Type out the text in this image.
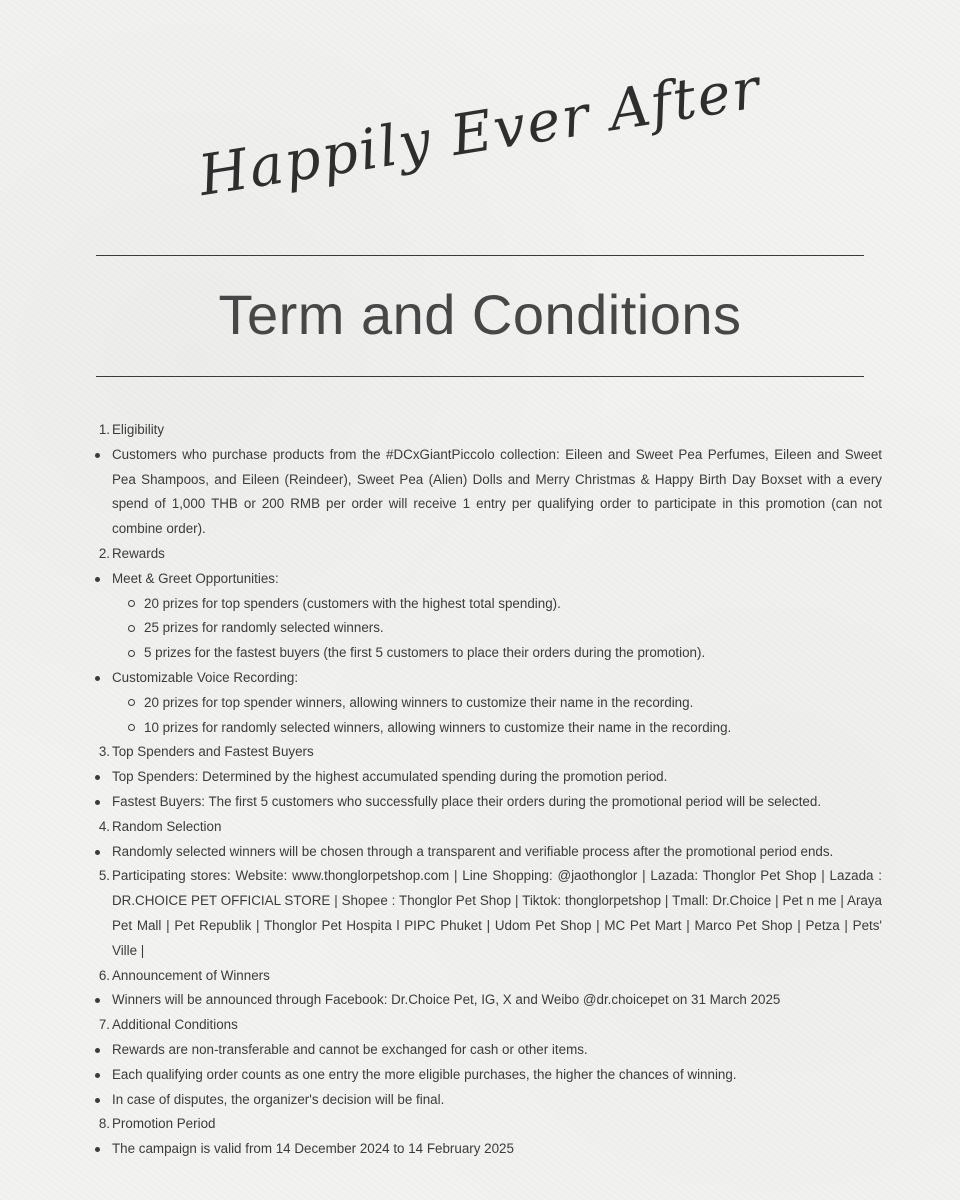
Happily Ever After
Term and Conditions
1. Eligibility
Customers who purchase products from the #DCxGiantPiccolo collection: Eileen and Sweet Pea Perfumes, Eileen and Sweet Pea Shampoos, and Eileen (Reindeer), Sweet Pea (Alien) Dolls and Merry Christmas & Happy Birth Day Boxset with a every spend of 1,000 THB or 200 RMB per order will receive 1 entry per qualifying order to participate in this promotion (can not combine order).
2. Rewards
Meet & Greet Opportunities:
20 prizes for top spenders (customers with the highest total spending).
25 prizes for randomly selected winners.
5 prizes for the fastest buyers (the first 5 customers to place their orders during the promotion).
Customizable Voice Recording:
20 prizes for top spender winners, allowing winners to customize their name in the recording.
10 prizes for randomly selected winners, allowing winners to customize their name in the recording.
3. Top Spenders and Fastest Buyers
Top Spenders: Determined by the highest accumulated spending during the promotion period.
Fastest Buyers: The first 5 customers who successfully place their orders during the promotional period will be selected.
4. Random Selection
Randomly selected winners will be chosen through a transparent and verifiable process after the promotional period ends.
5. Participating stores: Website: www.thonglorpetshop.com | Line Shopping: @jaothonglor | Lazada: Thonglor Pet Shop | Lazada : DR.CHOICE PET OFFICIAL STORE | Shopee : Thonglor Pet Shop | Tiktok: thonglorpetshop | Tmall: Dr.Choice | Pet n me | Araya Pet Mall | Pet Republik | Thonglor Pet Hospita l PIPC Phuket | Udom Pet Shop | MC Pet Mart | Marco Pet Shop | Petza | Pets' Ville |
6. Announcement of Winners
Winners will be announced through Facebook: Dr.Choice Pet, IG, X and Weibo @dr.choicepet on 31 March 2025
7. Additional Conditions
Rewards are non-transferable and cannot be exchanged for cash or other items.
Each qualifying order counts as one entry the more eligible purchases, the higher the chances of winning.
In case of disputes, the organizer's decision will be final.
8. Promotion Period
The campaign is valid from 14 December 2024 to 14 February 2025
